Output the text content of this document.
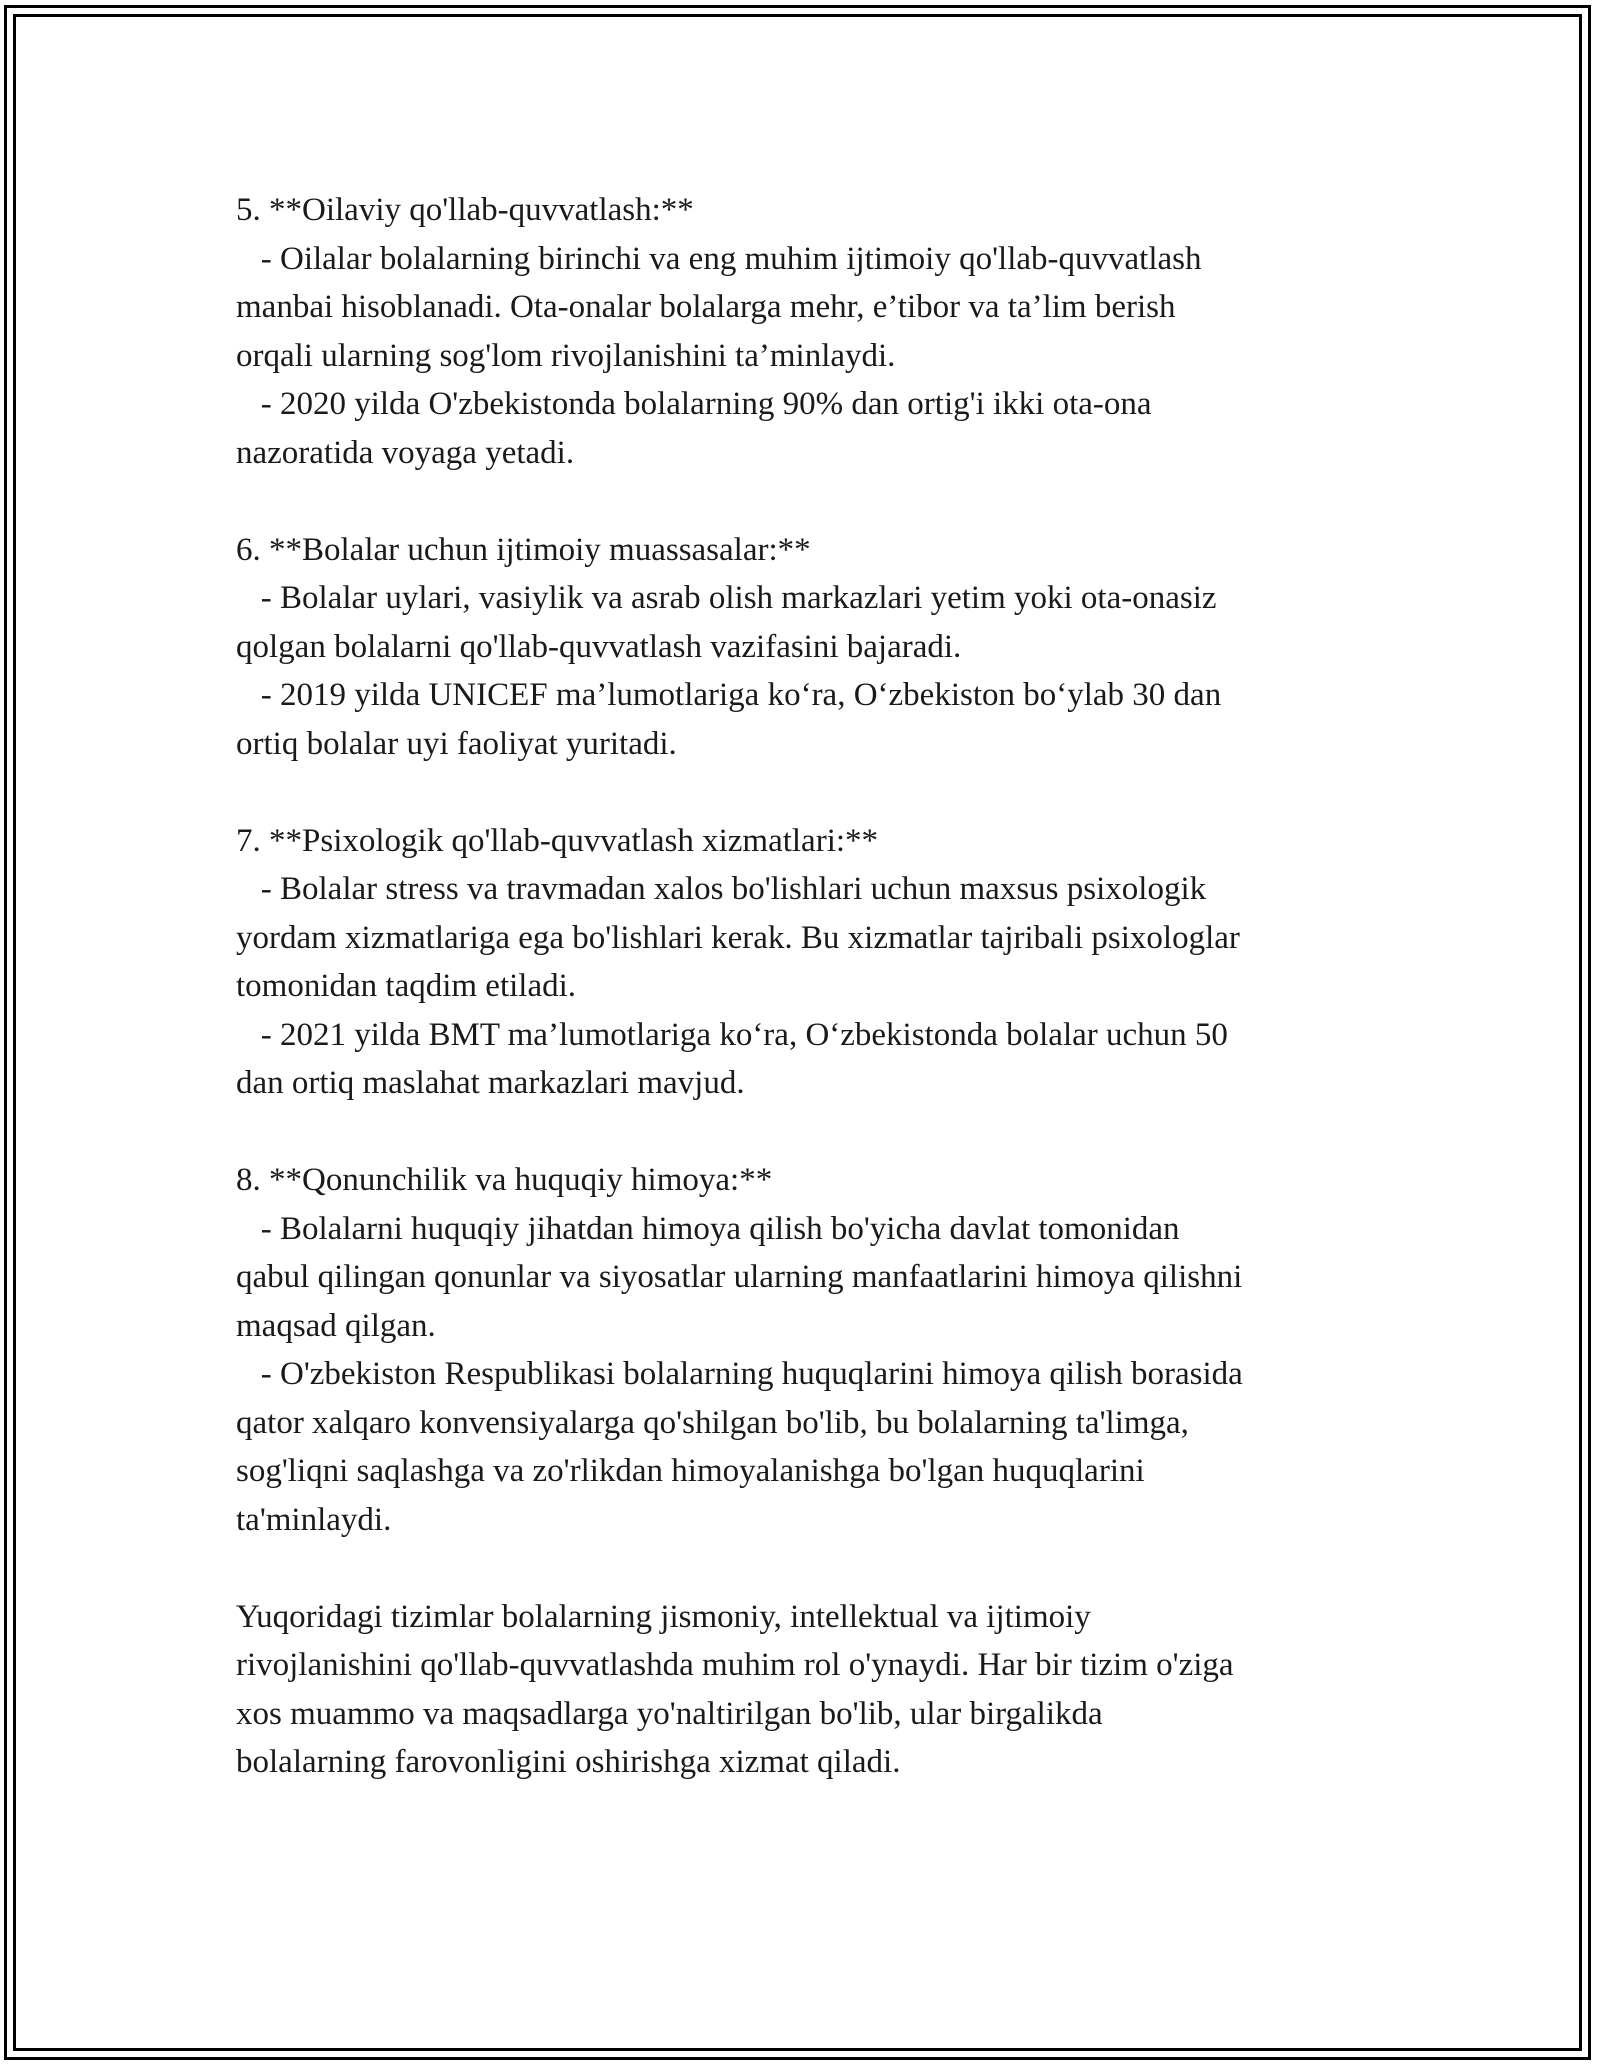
5. **Oilaviy qo'llab-quvvatlash:**
- Oilalar bolalarning birinchi va eng muhim ijtimoiy qo'llab-quvvatlash
manbai hisoblanadi. Ota-onalar bolalarga mehr, e’tibor va ta’lim berish
orqali ularning sog'lom rivojlanishini ta’minlaydi.
- 2020 yilda O'zbekistonda bolalarning 90% dan ortig'i ikki ota-ona
nazoratida voyaga yetadi.
6. **Bolalar uchun ijtimoiy muassasalar:**
- Bolalar uylari, vasiylik va asrab olish markazlari yetim yoki ota-onasiz
qolgan bolalarni qo'llab-quvvatlash vazifasini bajaradi.
- 2019 yilda UNICEF ma’lumotlariga ko‘ra, O‘zbekiston bo‘ylab 30 dan
ortiq bolalar uyi faoliyat yuritadi.
7. **Psixologik qo'llab-quvvatlash xizmatlari:**
- Bolalar stress va travmadan xalos bo'lishlari uchun maxsus psixologik
yordam xizmatlariga ega bo'lishlari kerak. Bu xizmatlar tajribali psixologlar
tomonidan taqdim etiladi.
- 2021 yilda BMT ma’lumotlariga ko‘ra, O‘zbekistonda bolalar uchun 50
dan ortiq maslahat markazlari mavjud.
8. **Qonunchilik va huquqiy himoya:**
- Bolalarni huquqiy jihatdan himoya qilish bo'yicha davlat tomonidan
qabul qilingan qonunlar va siyosatlar ularning manfaatlarini himoya qilishni
maqsad qilgan.
- O'zbekiston Respublikasi bolalarning huquqlarini himoya qilish borasida
qator xalqaro konvensiyalarga qo'shilgan bo'lib, bu bolalarning ta'limga,
sog'liqni saqlashga va zo'rlikdan himoyalanishga bo'lgan huquqlarini
ta'minlaydi.
Yuqoridagi tizimlar bolalarning jismoniy, intellektual va ijtimoiy
rivojlanishini qo'llab-quvvatlashda muhim rol o'ynaydi. Har bir tizim o'ziga
xos muammo va maqsadlarga yo'naltirilgan bo'lib, ular birgalikda
bolalarning farovonligini oshirishga xizmat qiladi.
